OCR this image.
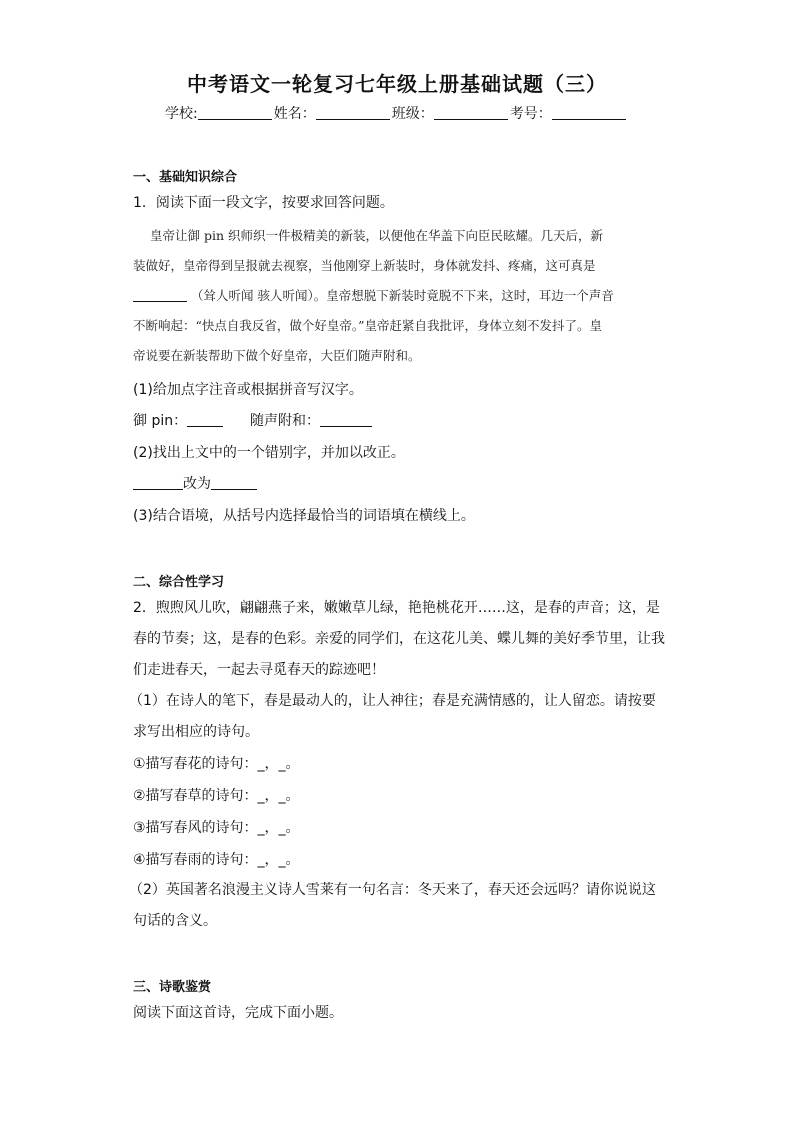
中考语文一轮复习七年级上册基础试题（三）
学校:	姓名：	班级：	考号：
一、基础知识综合
1．阅读下面一段文字，按要求回答问题。
皇帝让御 pin 织师织一件极精美的新装，以便他在华盖下向臣民眩耀。几天后，新
装做好，皇帝得到呈报就去视察，当他刚穿上新装时，身体就发抖、疼痛，这可真是
（耸人听闻 骇人听闻）。皇帝想脱下新装时竟脱不下来，这时，耳边一个声音
不断响起：“快点自我反省，做个好皇帝。”皇帝赶紧自我批评，身体立刻不发抖了。皇
帝说要在新装帮助下做个好皇帝，大臣们随声附和。
(1)给加点字注音或根据拼音写汉字。
御 pin：	随声附和：
(2)找出上文中的一个错别字，并加以改正。
改为
(3)结合语境，从括号内选择最恰当的词语填在横线上。
二、综合性学习
2．煦煦风儿吹，翩翩燕子来，嫩嫩草儿绿，艳艳桃花开……这，是春的声音；这，是
春的节奏；这，是春的色彩。亲爱的同学们，在这花儿美、蝶儿舞的美好季节里，让我
们走进春天，一起去寻觅春天的踪迹吧！
（1）在诗人的笔下，春是最动人的，让人神往；春是充满情感的，让人留恋。请按要
求写出相应的诗句。
①描写春花的诗句：_，_。
②描写春草的诗句：_，_。
③描写春风的诗句：_，_。
④描写春雨的诗句：_，_。
（2）英国著名浪漫主义诗人雪莱有一句名言：冬天来了，春天还会远吗？请你说说这
句话的含义。
三、诗歌鉴赏
阅读下面这首诗，完成下面小题。
